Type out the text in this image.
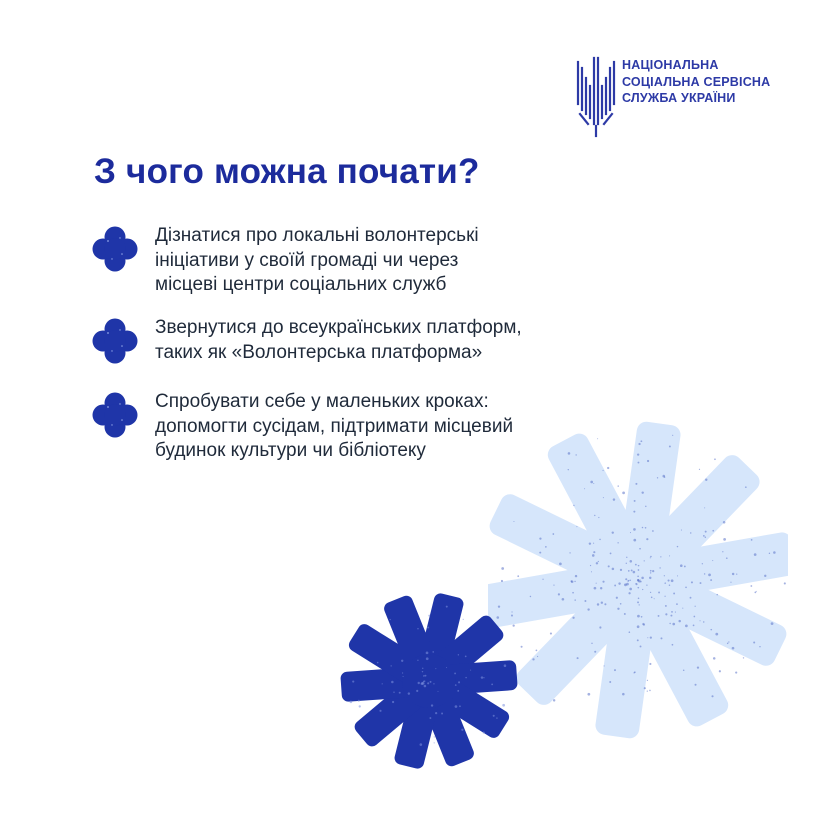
НАЦІОНАЛЬНА
СОЦІАЛЬНА СЕРВІСНА
СЛУЖБА УКРАЇНИ
З чого можна почати?
Дізнатися про локальні волонтерські
ініціативи у своїй громаді чи через
місцеві центри соціальних служб
Звернутися до всеукраїнських платформ,
таких як «Волонтерська платформа»
Спробувати себе у маленьких кроках:
допомогти сусідам, підтримати місцевий
будинок культури чи бібліотеку
